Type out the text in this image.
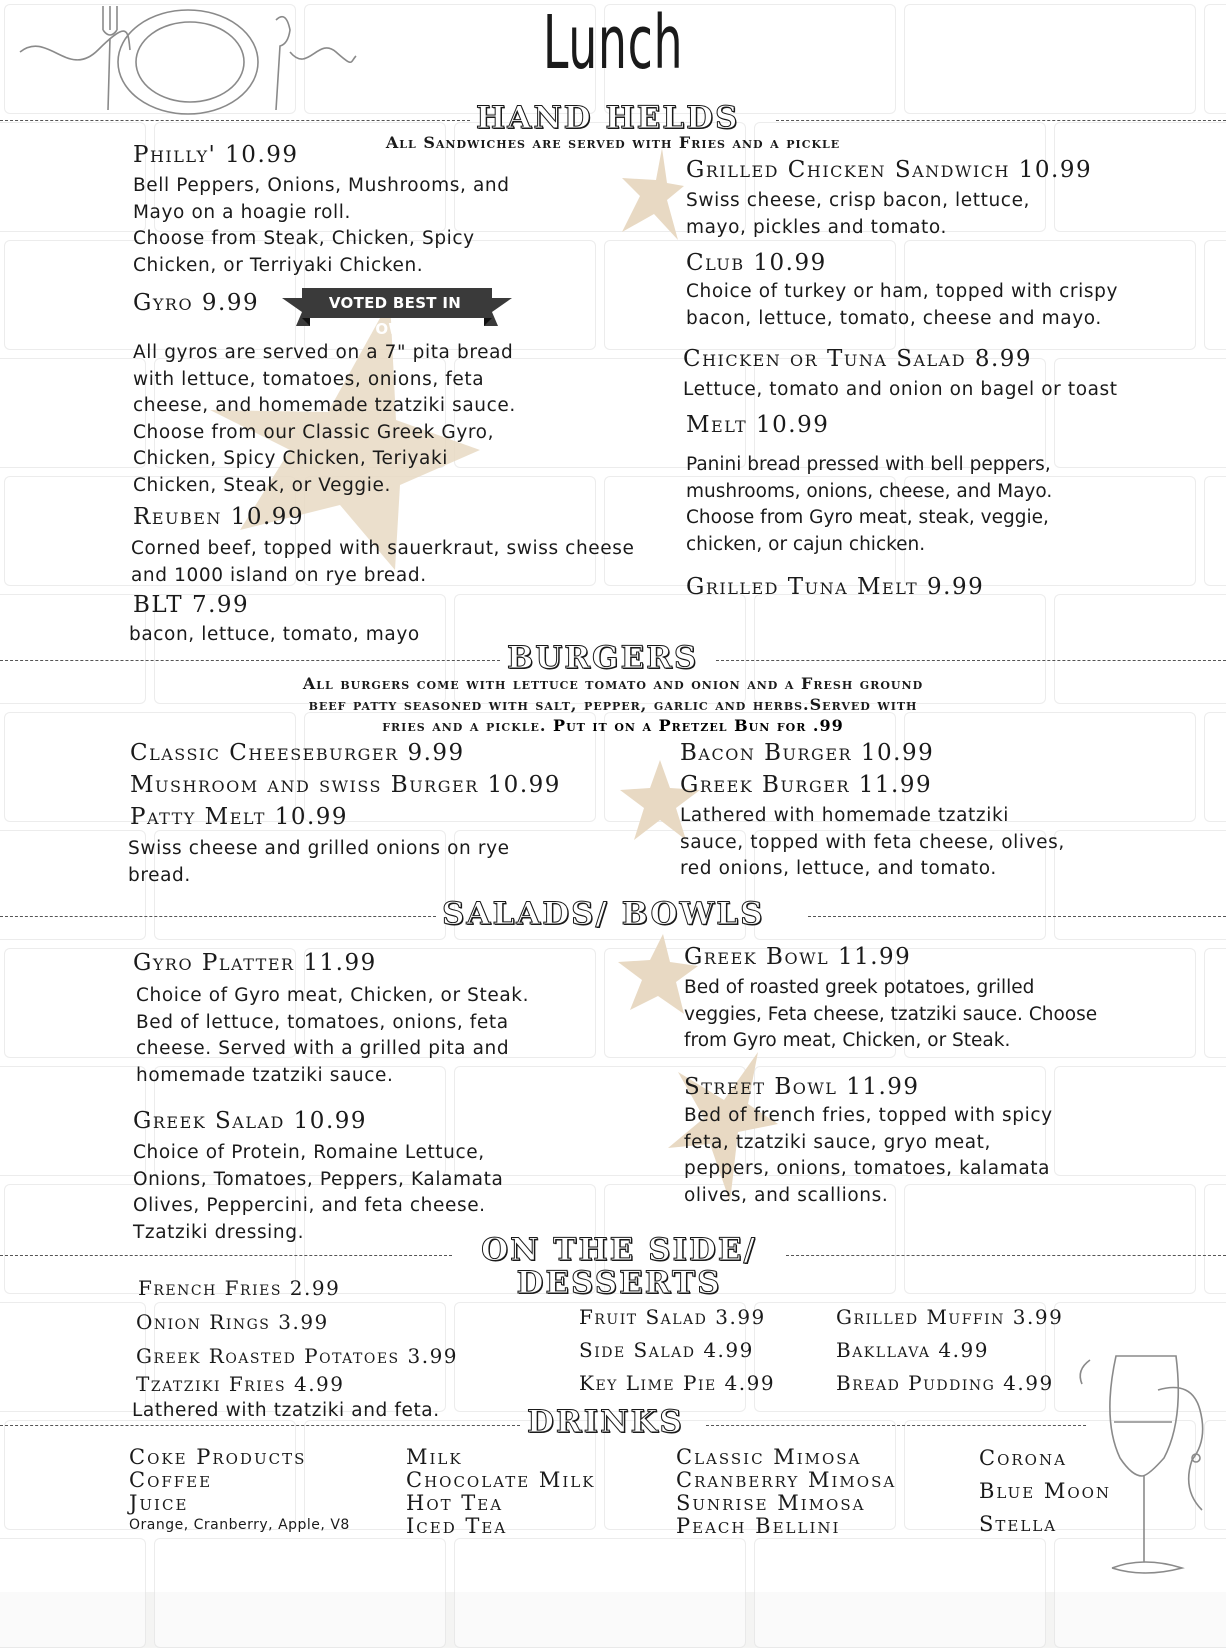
Lunch
HAND HELDS
All Sandwiches are served with Fries and a pickle
Philly' 10.99
Bell Peppers, Onions, Mushrooms, and
Mayo on a hoagie roll.
Choose from Steak, Chicken, Spicy
Chicken, or Terriyaki Chicken.
Gyro 9.99	VOTED BEST IN TOWN!
All gyros are served on a 7" pita bread
with lettuce, tomatoes, onions, feta
cheese, and homemade tzatziki sauce.
Choose from our Classic Greek Gyro,
Chicken, Spicy Chicken, Teriyaki
Chicken, Steak, or Veggie.
Reuben 10.99
Corned beef, topped with sauerkraut, swiss cheese
and 1000 island on rye bread.
BLT 7.99
bacon, lettuce, tomato, mayo
Grilled Chicken Sandwich 10.99
Swiss cheese, crisp bacon, lettuce,
mayo, pickles and tomato.
Club 10.99
Choice of turkey or ham, topped with crispy
bacon, lettuce, tomato, cheese and mayo.
Chicken or Tuna Salad 8.99
Lettuce, tomato and onion on bagel or toast
Melt 10.99
Panini bread pressed with bell peppers,
mushrooms, onions, cheese, and Mayo.
Choose from Gyro meat, steak, veggie,
chicken, or cajun chicken.
Grilled Tuna Melt 9.99
BURGERS
All burgers come with lettuce tomato and onion and a Fresh ground
beef patty seasoned with salt, pepper, garlic and herbs.Served with
fries and a pickle. Put it on a Pretzel Bun for .99
Classic Cheeseburger 9.99
Mushroom and swiss Burger 10.99
Patty Melt 10.99
Swiss cheese and grilled onions on rye
bread.
Bacon Burger 10.99
Greek Burger 11.99
Lathered with homemade tzatziki
sauce, topped with feta cheese, olives,
red onions, lettuce, and tomato.
SALADS/ BOWLS
Gyro Platter 11.99
Choice of Gyro meat, Chicken, or Steak.
Bed of lettuce, tomatoes, onions, feta
cheese. Served with a grilled pita and
homemade tzatziki sauce.
Greek Salad 10.99
Choice of Protein, Romaine Lettuce,
Onions, Tomatoes, Peppers, Kalamata
Olives, Peppercini, and feta cheese.
Tzatziki dressing.
Greek Bowl 11.99
Bed of roasted greek potatoes, grilled
veggies, Feta cheese, tzatziki sauce. Choose
from Gyro meat, Chicken, or Steak.
Street Bowl 11.99
Bed of french fries, topped with spicy
feta, tzatziki sauce, gryo meat,
peppers, onions, tomatoes, kalamata
olives, and scallions.
ON THE SIDE/
DESSERTS
French Fries 2.99
Onion Rings 3.99
Greek Roasted Potatoes 3.99
Tzatziki Fries 4.99
Lathered with tzatziki and feta.
Fruit Salad 3.99
Side Salad 4.99
Key Lime Pie 4.99
Grilled Muffin 3.99
Bakllava 4.99
Bread Pudding 4.99
DRINKS
Coke Products
Coffee
Juice
Orange, Cranberry, Apple, V8
Milk
Chocolate Milk
Hot Tea
Iced Tea
Classic Mimosa
Cranberry Mimosa
Sunrise Mimosa
Peach Bellini
Corona
Blue Moon
Stella
